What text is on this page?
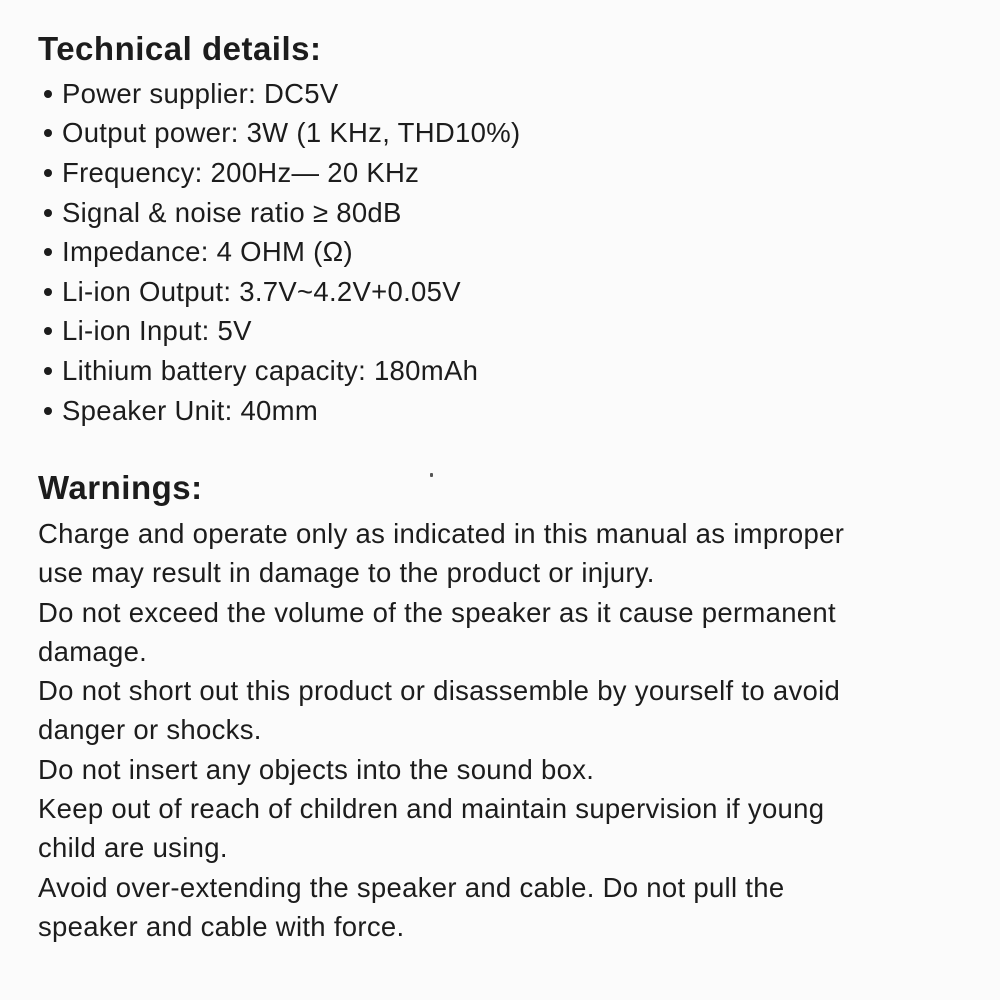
Technical details:
Power supplier: DC5V
Output power: 3W (1 KHz, THD10%)
Frequency: 200Hz— 20 KHz
Signal & noise ratio ≥ 80dB
Impedance: 4 OHM (Ω)
Li-ion Output: 3.7V~4.2V+0.05V
Li-ion Input: 5V
Lithium battery capacity: 180mAh
Speaker Unit: 40mm
Warnings:
Charge and operate only as indicated in this manual as improper
use may result in damage to the product or injury.
Do not exceed the volume of the speaker as it cause permanent
damage.
Do not short out this product or disassemble by yourself to avoid
danger or shocks.
Do not insert any objects into the sound box.
Keep out of reach of children and maintain supervision if young
child are using.
Avoid over-extending the speaker and cable. Do not pull the
speaker and cable with force.
